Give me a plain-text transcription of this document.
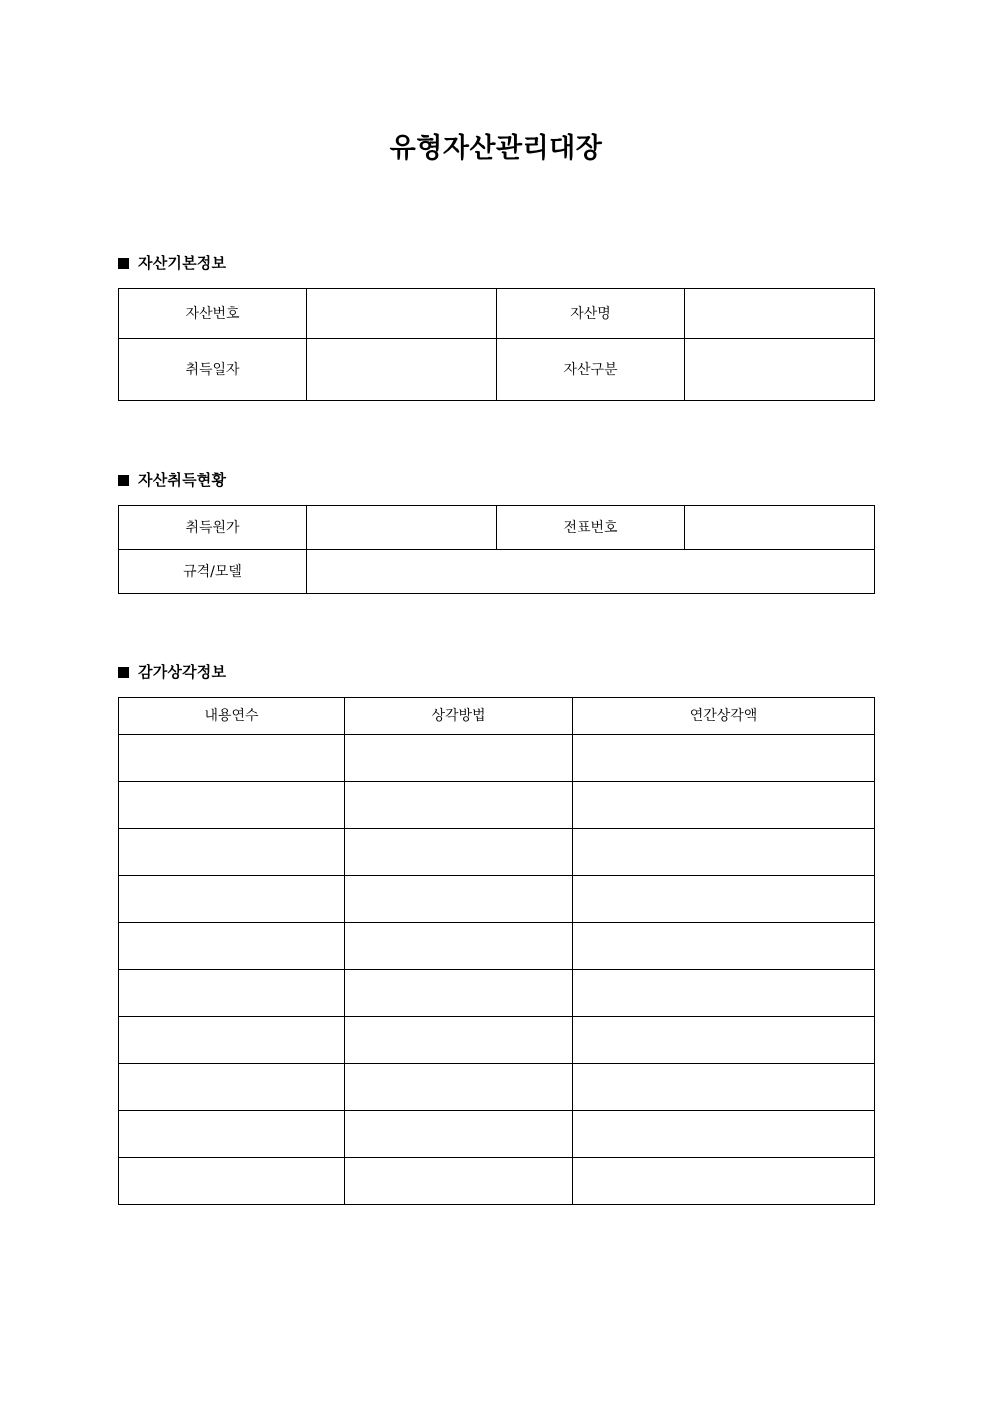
유형자산관리대장
자산기본정보
자산번호		자산명	
취득일자		자산구분	
자산취득현황
취득원가		전표번호	
규격/모델			
감가상각정보
내용연수	상각방법	연간상각액
